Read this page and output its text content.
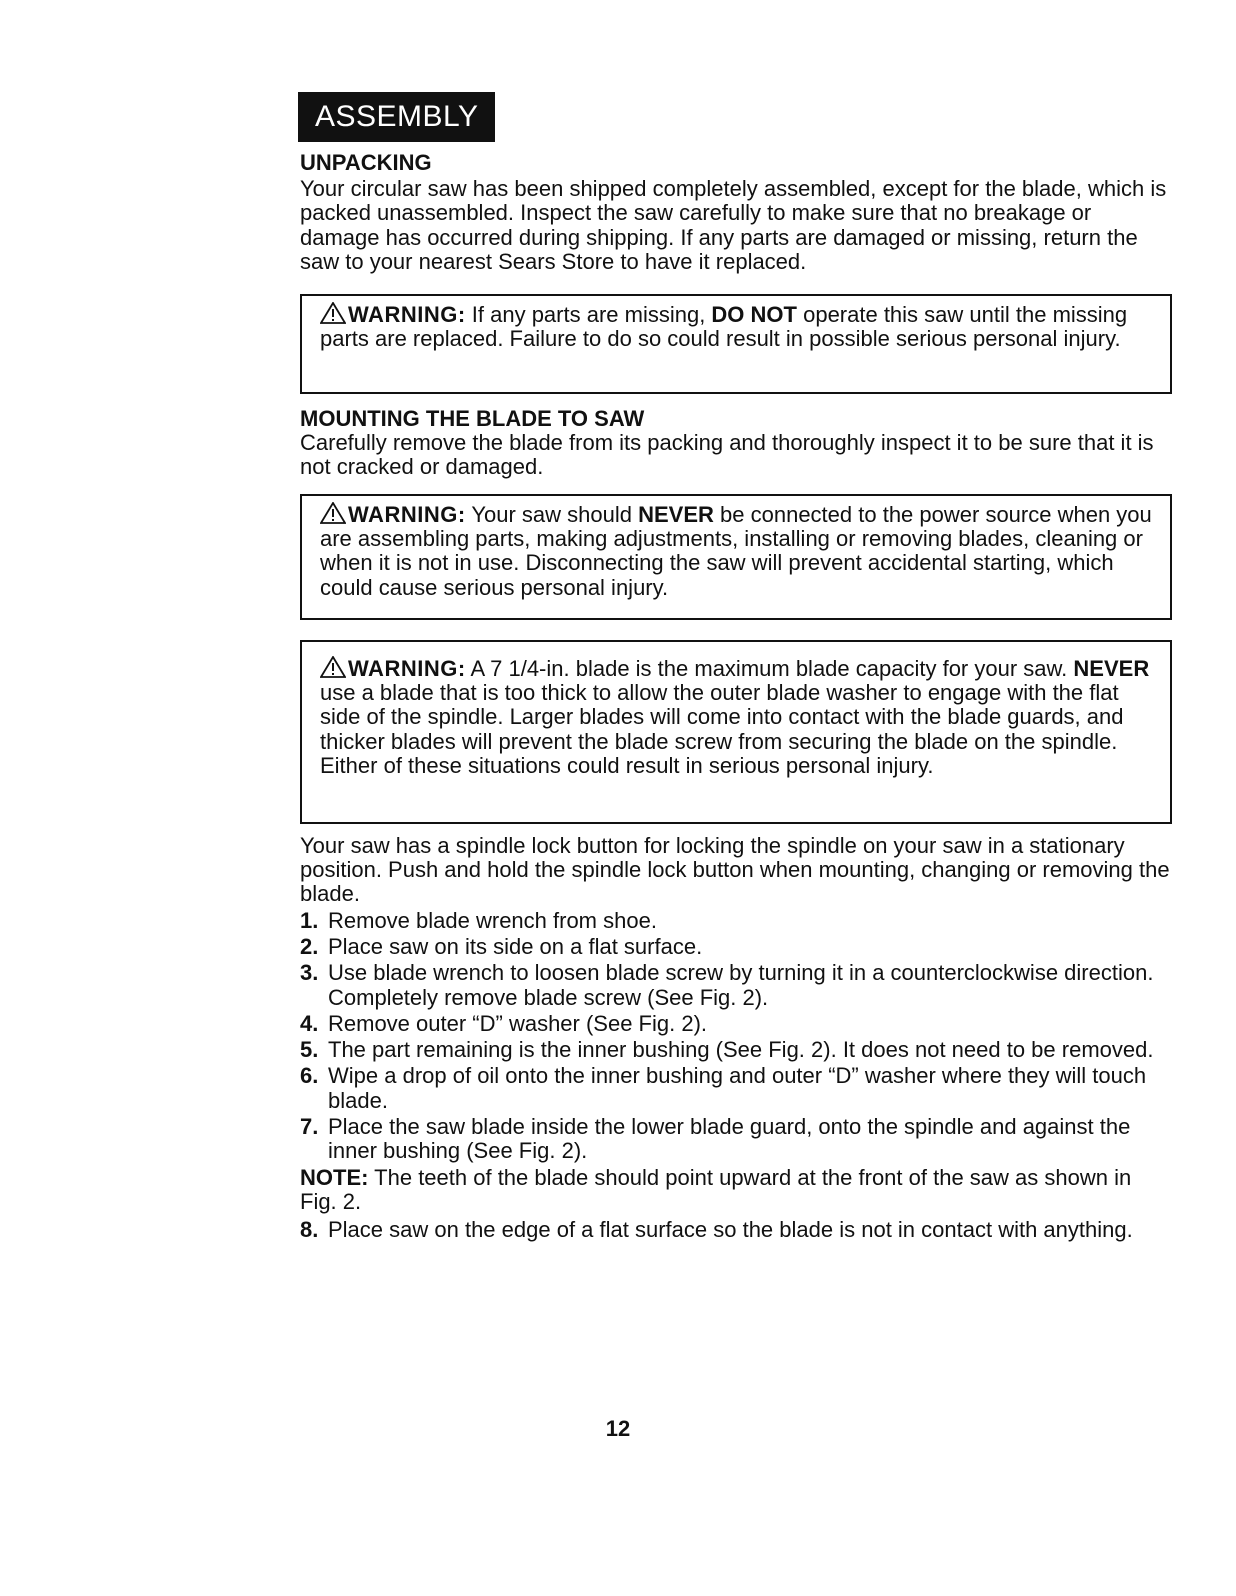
ASSEMBLY
UNPACKING

Your circular saw has been shipped completely assembled, except for the blade, which is packed unassembled. Inspect the saw carefully to make sure that no breakage or damage has occurred during shipping. If any parts are damaged or missing, return the saw to your nearest Sears Store to have it replaced.

WARNING: If any parts are missing, DO NOT operate this saw until the missing parts are replaced. Failure to do so could result in possible serious personal injury.
MOUNTING THE BLADE TO SAW

Carefully remove the blade from its packing and thoroughly inspect it to be sure that it is not cracked or damaged.

WARNING: Your saw should NEVER be connected to the power source when you are assembling parts, making adjustments, installing or removing blades, cleaning or when it is not in use. Disconnecting the saw will prevent accidental starting, which could cause serious personal injury.
WARNING: A 7 1/4-in. blade is the maximum blade capacity for your saw. NEVER use a blade that is too thick to allow the outer blade washer to engage with the flat side of the spindle. Larger blades will come into contact with the blade guards, and thicker blades will prevent the blade screw from securing the blade on the spindle. Either of these situations could result in serious personal injury.

Your saw has a spindle lock button for locking the spindle on your saw in a stationary position. Push and hold the spindle lock button when mounting, changing or removing the blade.

1. Remove blade wrench from shoe.
2. Place saw on its side on a flat surface.
3. Use blade wrench to loosen blade screw by turning it in a counterclockwise direction. Completely remove blade screw (See Fig. 2).
4. Remove outer “D” washer (See Fig. 2).
5. The part remaining is the inner bushing (See Fig. 2). It does not need to be removed.
6. Wipe a drop of oil onto the inner bushing and outer “D” washer where they will touch blade.
7. Place the saw blade inside the lower blade guard, onto the spindle and against the inner bushing (See Fig. 2).

NOTE: The teeth of the blade should point upward at the front of the saw as shown in Fig. 2.

8. Place saw on the edge of a flat surface so the blade is not in contact with anything.
12
